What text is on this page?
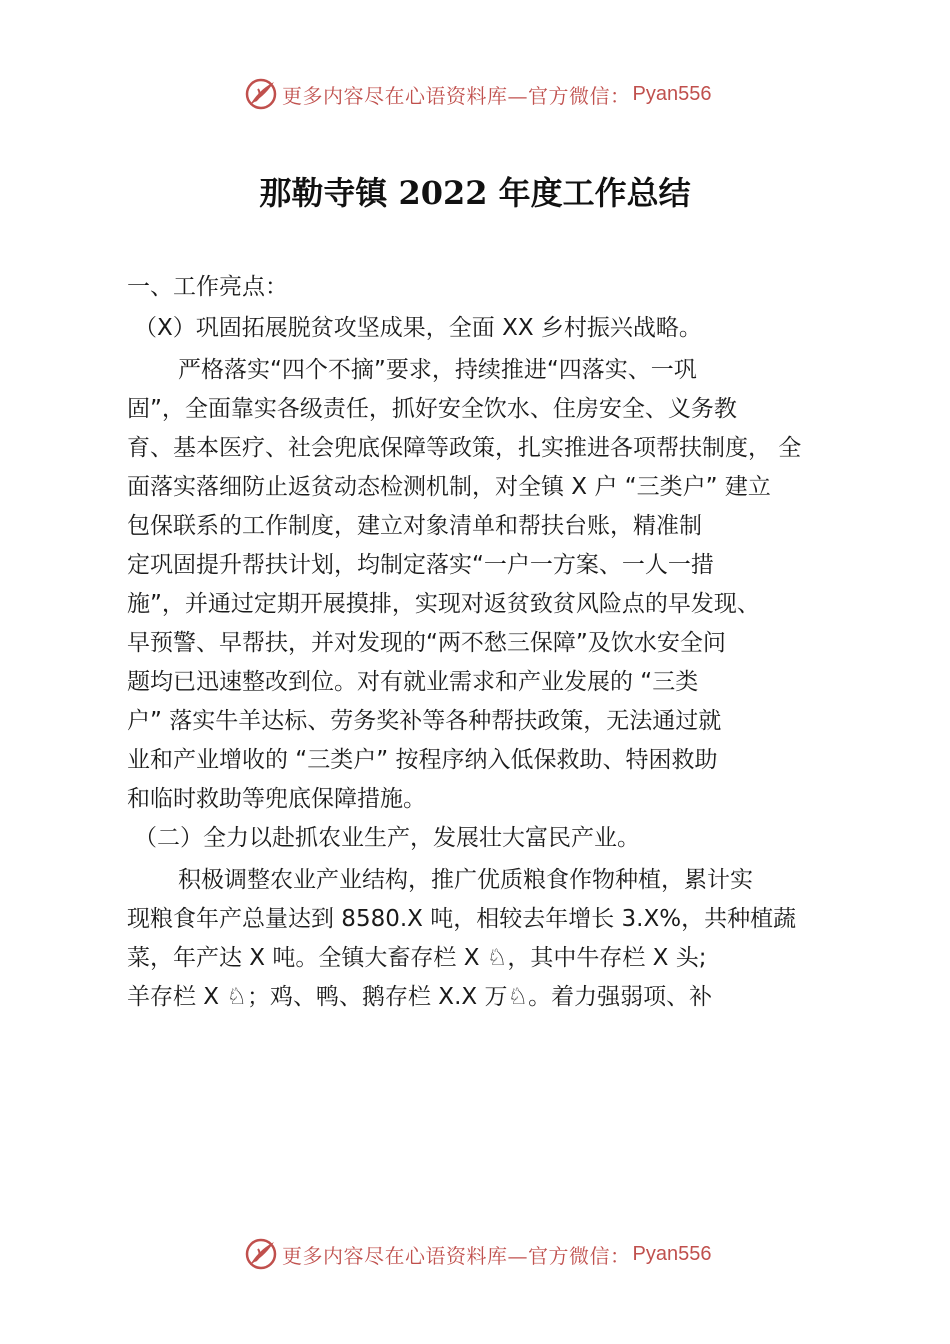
更多内容尽在心语资料库—官方微信： Pyan556
那勒寺镇 2022 年度工作总结
一、工作亮点：
（X）巩固拓展脱贫攻坚成果，全面 XX 乡村振兴战略。
严格落实“四个不摘”要求，持续推进“四落实、一巩
固”，全面靠实各级责任，抓好安全饮水、住房安全、义务教
育、基本医疗、社会兜底保障等政策，扎实推进各项帮扶制度， 全
面落实落细防止返贫动态检测机制，对全镇 X 户 “三类户” 建立
包保联系的工作制度，建立对象清单和帮扶台账，精准制
定巩固提升帮扶计划，均制定落实“一户一方案、一人一措
施”，并通过定期开展摸排，实现对返贫致贫风险点的早发现、
早预警、早帮扶，并对发现的“两不愁三保障”及饮水安全问
题均已迅速整改到位。对有就业需求和产业发展的 “三类
户” 落实牛羊达标、劳务奖补等各种帮扶政策，无法通过就
业和产业增收的 “三类户” 按程序纳入低保救助、特困救助
和临时救助等兜底保障措施。
（二）全力以赴抓农业生产，发展壮大富民产业。
积极调整农业产业结构，推广优质粮食作物种植，累计实
现粮食年产总量达到 8580.X 吨，相较去年增长 3.X%，共种植蔬
菜，年产达 X 吨。全镇大畜存栏 X ♘，其中牛存栏 X 头;
羊存栏 X ♘；鸡、鸭、鹅存栏 X.X 万♘。着力强弱项、补
更多内容尽在心语资料库—官方微信： Pyan556
